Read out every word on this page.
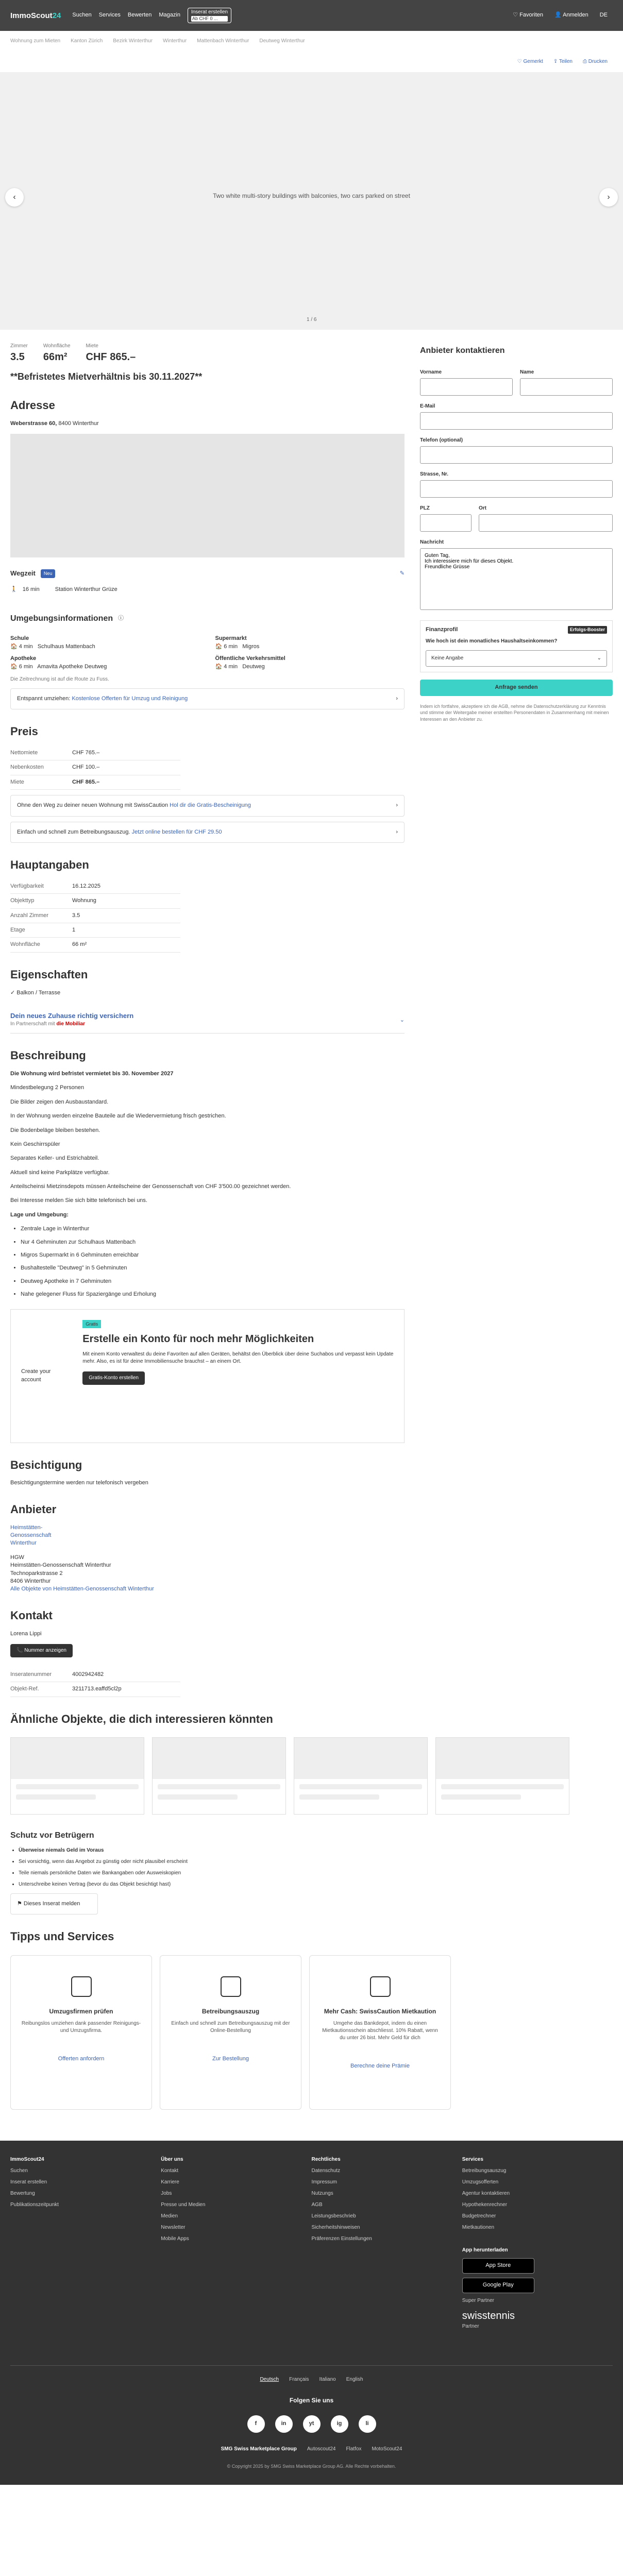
ImmoScout24 Suchen Services Bewerten Magazin	Inserat erstellen
Ab CHF 0 ...
♡ Favoriten 👤 Anmelden DE
Wohnung zum Mieten Kanton Zürich Bezirk Winterthur Winterthur Mattenbach Winterthur Deutweg Winterthur
♡ Gemerkt ⇪ Teilen ⎙ Drucken
Two white multi-story buildings with balconies, two cars parked on street
‹	›
1 / 6
Zimmer
3.5
Wohnfläche
66m²
Miete
CHF 865.–
**Befristetes Mietverhältnis bis 30.11.2027**
Adresse
Weberstrasse 60, 8400 Winterthur
Wegzeit	Neu	✎
🚶 16 min	Station Winterthur Grüze
Umgebungsinformationen ⓘ
Schule
🏠 4 min Schulhaus Mattenbach
Supermarkt
🏠 6 min Migros
Apotheke
🏠 6 min Amavita Apotheke Deutweg
Öffentliche Verkehrsmittel
🏠 4 min Deutweg
Die Zeitrechnung ist auf die Route zu Fuss.
Entspannt umziehen: Kostenlose Offerten für Umzug und Reinigung	›
Preis
Nettomiete	CHF 765.–
Nebenkosten	CHF 100.–
Miete	CHF 865.–
Ohne den Weg zu deiner neuen Wohnung mit SwissCaution Hol dir die Gratis-Bescheinigung	›
Einfach und schnell zum Betreibungsauszug. Jetzt online bestellen für CHF 29.50	›
Hauptangaben
Verfügbarkeit	16.12.2025
Objekttyp	Wohnung
Anzahl Zimmer	3.5
Etage	1
Wohnfläche	66 m²
Eigenschaften
✓ Balkon / Terrasse
Dein neues Zuhause richtig versichern
In Partnerschaft mit die Mobiliar
⌄
Beschreibung

Die Wohnung wird befristet vermietet bis 30. November 2027

Mindestbelegung 2 Personen

Die Bilder zeigen den Ausbaustandard.

In der Wohnung werden einzelne Bauteile auf die Wiedervermietung frisch gestrichen.

Die Bodenbeläge bleiben bestehen.

Kein Geschirrspüler

Separates Keller- und Estrichabteil.

Aktuell sind keine Parkplätze verfügbar.

Anteilscheinsi Mietzinsdepots müssen Anteilscheine der Genossenschaft von CHF 3'500.00 gezeichnet werden.

Bei Interesse melden Sie sich bitte telefonisch bei uns.

Lage und Umgebung:

• Zentrale Lage in Winterthur
• Nur 4 Gehminuten zur Schulhaus Mattenbach
• Migros Supermarkt in 6 Gehminuten erreichbar
• Bushaltestelle "Deutweg" in 5 Gehminuten
• Deutweg Apotheke in 7 Gehminuten
• Nahe gelegener Fluss für Spaziergänge und Erholung
Create your account
Gratis
Erstelle ein Konto für noch mehr Möglichkeiten
Mit einem Konto verwaltest du deine Favoriten auf allen Geräten, behältst den Überblick über deine Suchabos und verpasst kein Update mehr. Also, es ist für deine Immobiliensuche brauchst – an einem Ort.
Gratis-Konto erstellen
Besichtigung
Besichtigungstermine werden nur telefonisch vergeben
Anbieter
Heimstätten-
Genossenschaft
Winterthur
HGW
Heimstätten-Genossenschaft Winterthur
Technoparkstrasse 2
8406 Winterthur
Alle Objekte von Heimstätten-Genossenschaft Winterthur
Kontakt
Lorena Lippi
📞 Nummer anzeigen
Inseratenummer	4002942482
Objekt-Ref.	3211713.eaffd5cl2p
Anbieter kontaktieren
Vorname	Name
E-Mail
Telefon (optional)
Strasse, Nr.
PLZ	Ort
Nachricht
Guten Tag, Ich interessiere mich für dieses Objekt. Freundliche Grüsse
Finanzprofil	Erfolgs-Booster
Wie hoch ist dein monatliches Haushaltseinkommen?
Keine Angabe	⌄
Anfrage senden
Indem ich fortfahre, akzeptiere ich die AGB, nehme die Datenschutzerklärung zur Kenntnis und stimme der Weitergabe meiner erstellten Personendaten in Zusammenhang mit meinen Interessen an den Anbieter zu.
Ähnliche Objekte, die dich interessieren könnten
Schutz vor Betrügern
• Überweise niemals Geld im Voraus
• Sei vorsichtig, wenn das Angebot zu günstig oder nicht plausibel erscheint
• Teile niemals persönliche Daten wie Bankangaben oder Ausweiskopien
• Unterschreibe keinen Vertrag (bevor du das Objekt besichtigt hast)
⚑ Dieses Inserat melden
Tipps und Services
Umzugsfirmen prüfen

Reibungslos umziehen dank passender Reinigungs- und Umzugsfirma.

Offerten anfordern
Betreibungsauszug

Einfach und schnell zum Betreibungsauszug mit der Online-Bestellung

Zur Bestellung
Mehr Cash: SwissCaution Mietkaution

Umgehe das Bankdepot, indem du einen Mietkautionsschein abschliesst. 10% Rabatt, wenn du unter 26 bist. Mehr Geld für dich

Berechne deine Prämie
ImmoScout24
Suchen
Inserat erstellen
Bewertung
Publikationszeitpunkt
Über uns
Kontakt
Karriere
Jobs
Presse und Medien
Medien
Newsletter
Mobile Apps
Rechtliches
Datenschutz
Impressum
Nutzungs
AGB
Leistungsbeschrieb
Sicherheitshinweisen
Präferenzen Einstellungen
Services
Betreibungsauszug
Umzugsofferten
Agentur kontaktieren
Hypothekenrechner
Budgetrechner
Mietkautionen
App herunterladen
App Store
Google Play
Super Partner
swisstennis
Partner
Deutsch Français Italiano English
Folgen Sie uns
f	in	yt	ig	li
SMG Swiss Marketplace Group Autoscout24 Flatfox MotoScout24
© Copyright 2025 by SMG Swiss Marketplace Group AG. Alle Rechte vorbehalten.
